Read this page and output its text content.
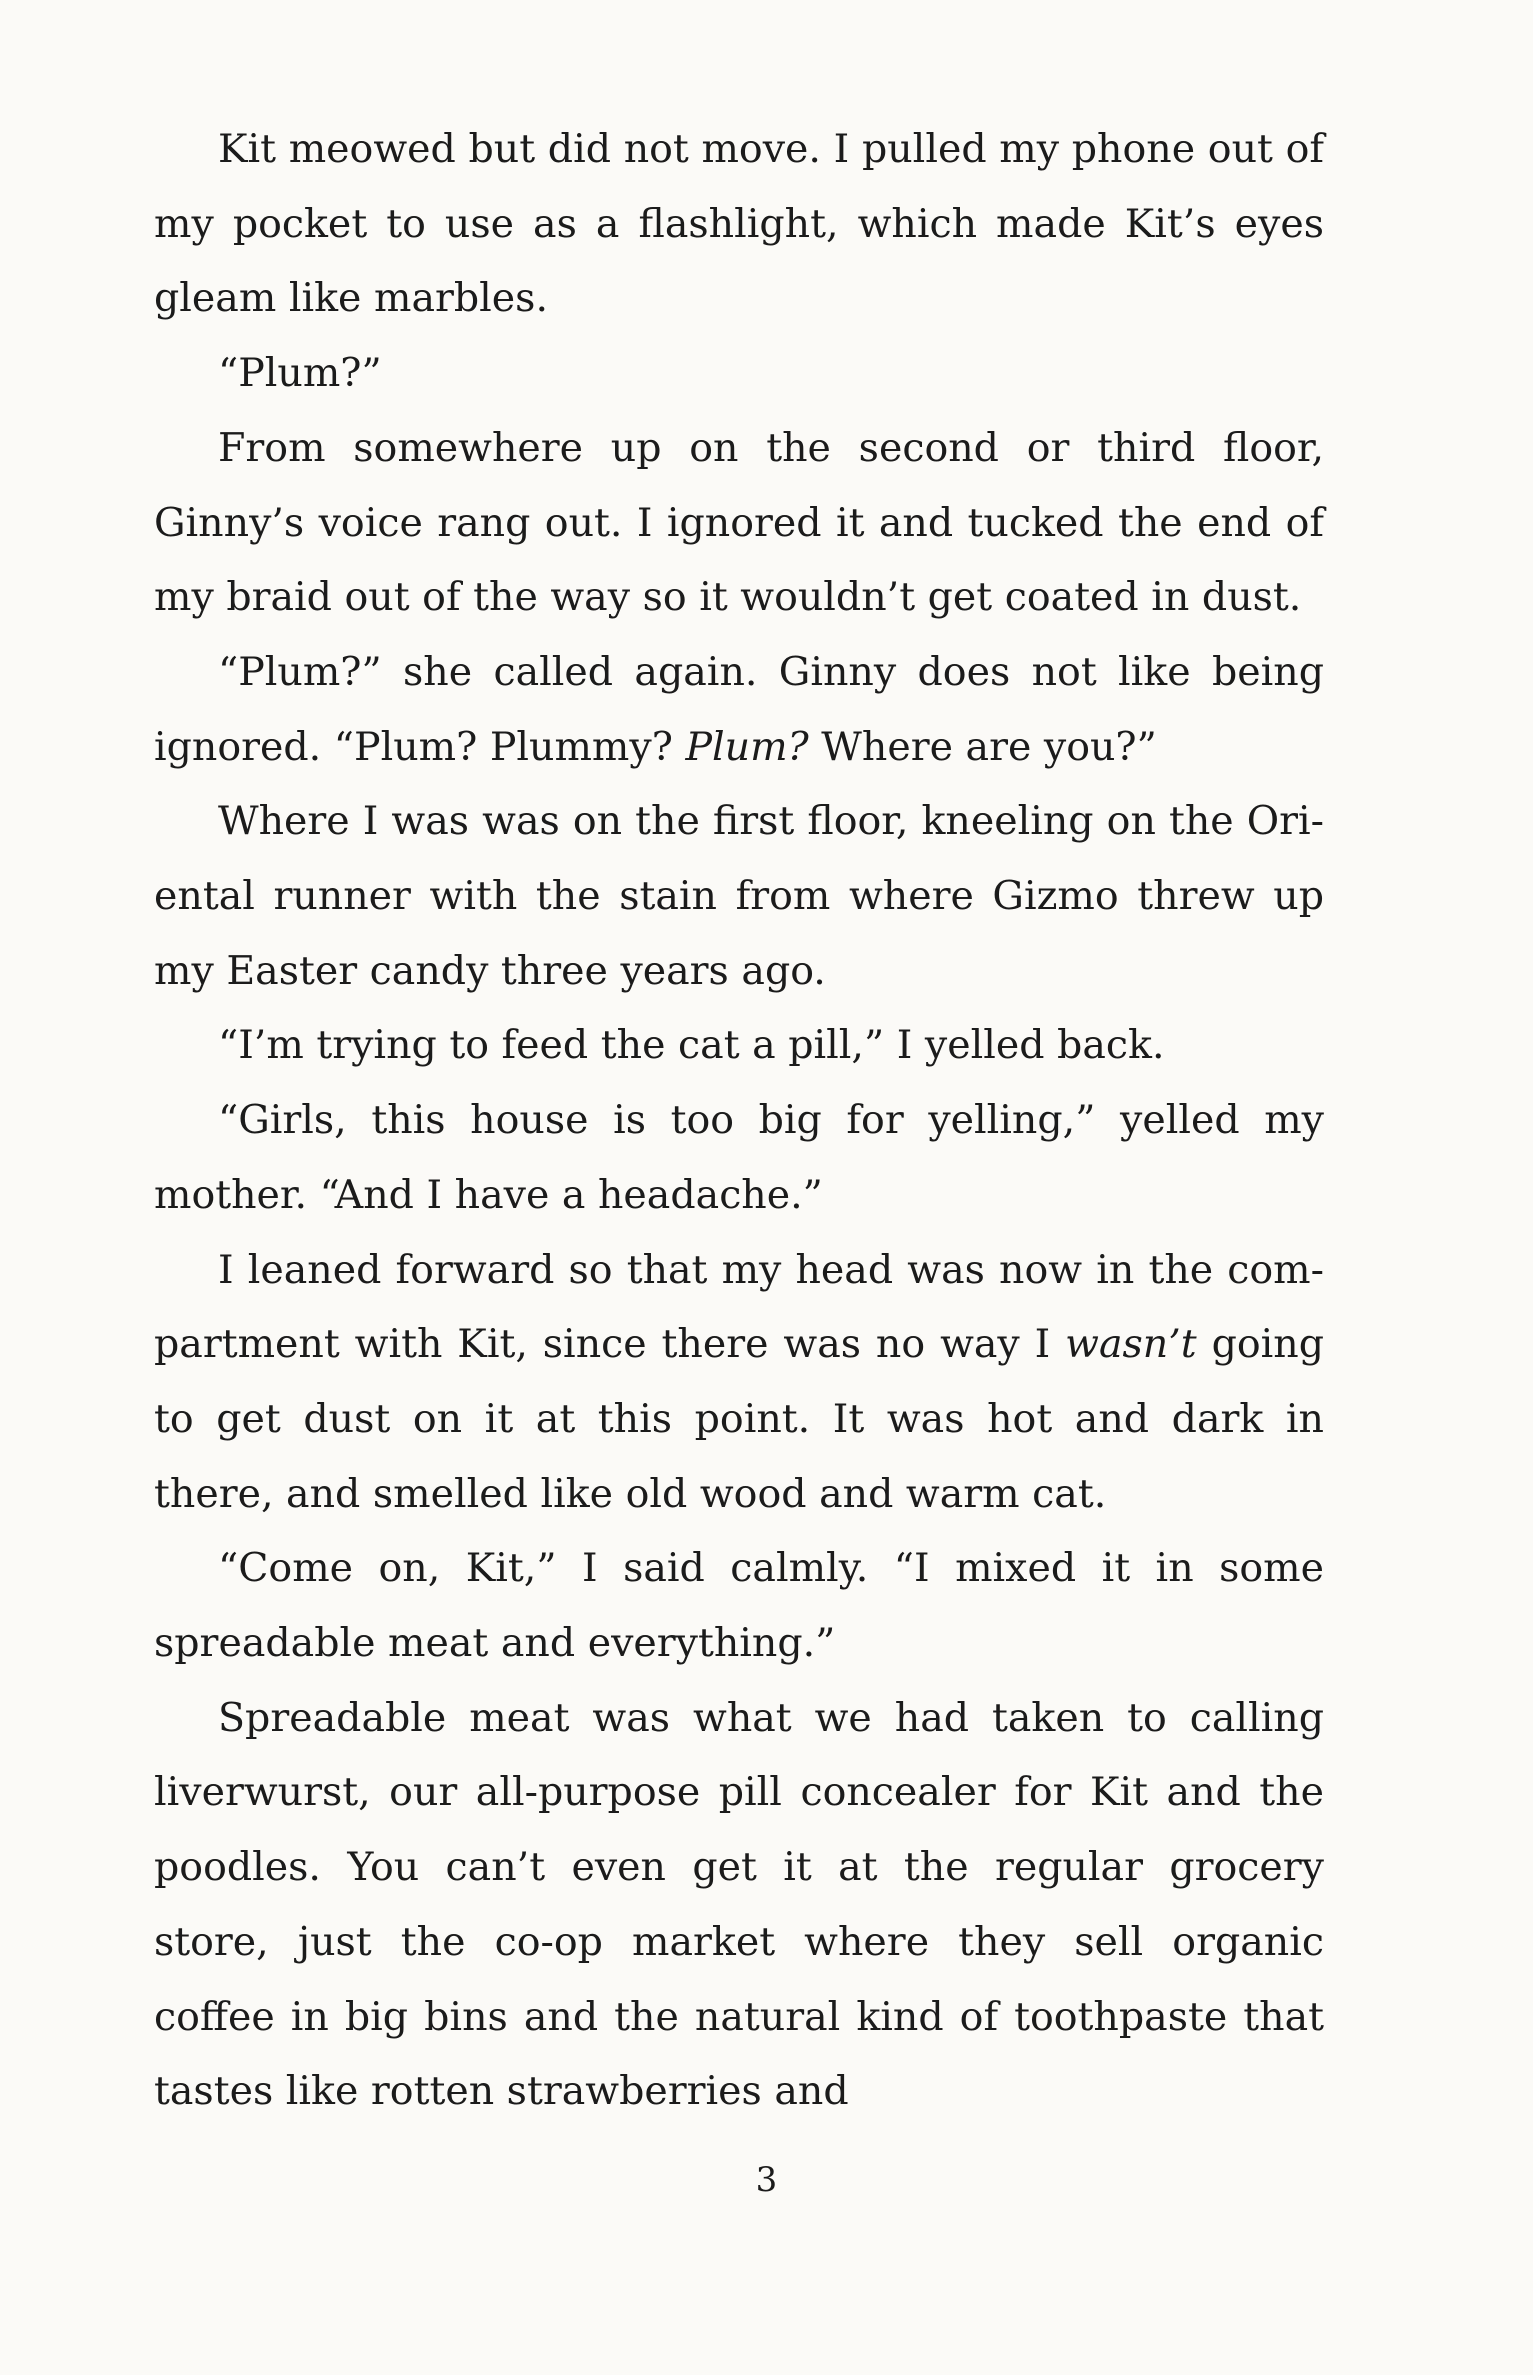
Kit meowed but did not move. I pulled my phone out of my pocket to use as a flashlight, which made Kit’s eyes gleam like marbles.

“Plum?”

From somewhere up on the second or third floor, Ginny’s voice rang out. I ignored it and tucked the end of my braid out of the way so it wouldn’t get coated in dust.

“Plum?” she called again. Ginny does not like being ignored. “Plum? Plummy? Plum? Where are you?”

Where I was was on the first floor, kneeling on the Oriental runner with the stain from where Gizmo threw up my Easter candy three years ago.

“I’m trying to feed the cat a pill,” I yelled back.

“Girls, this house is too big for yelling,” yelled my mother. “And I have a headache.”

I leaned forward so that my head was now in the compartment with Kit, since there was no way I wasn’t going to get dust on it at this point. It was hot and dark in there, and smelled like old wood and warm cat.

“Come on, Kit,” I said calmly. “I mixed it in some spreadable meat and everything.”

Spreadable meat was what we had taken to calling liverwurst, our all-purpose pill concealer for Kit and the poodles. You can’t even get it at the regular grocery store, just the co-op market where they sell organic coffee in big bins and the natural kind of toothpaste that tastes like rotten strawberries and

3
